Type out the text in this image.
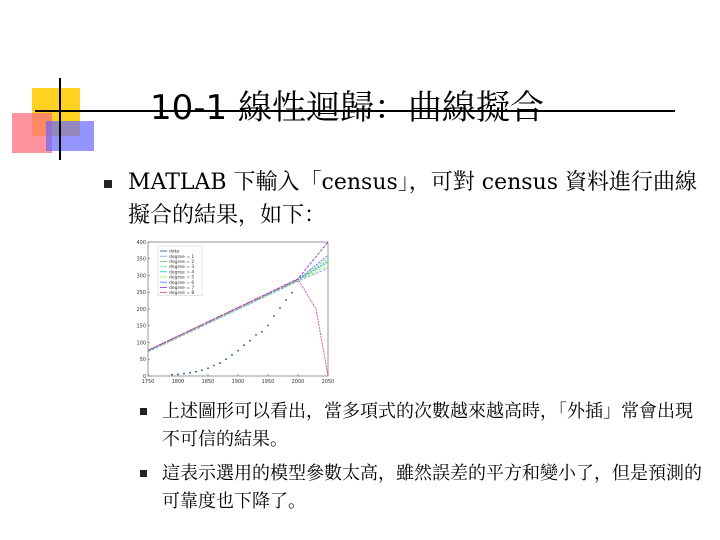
10-1 線性迴歸：曲線擬合
MATLAB 下輸入「census」，可對 census 資料進行曲線擬合的結果，如下：
0
50
100
150
200
250
300
350
400
1750	1800	1850	1900	1950	2000	2050
data
degree = 1
degree = 2
degree = 3
degree = 4
degree = 5
degree = 6
degree = 7
degree = 8
上述圖形可以看出，當多項式的次數越來越高時，「外插」常會出現不可信的結果。
這表示選用的模型參數太高，雖然誤差的平方和變小了，但是預測的可靠度也下降了。
